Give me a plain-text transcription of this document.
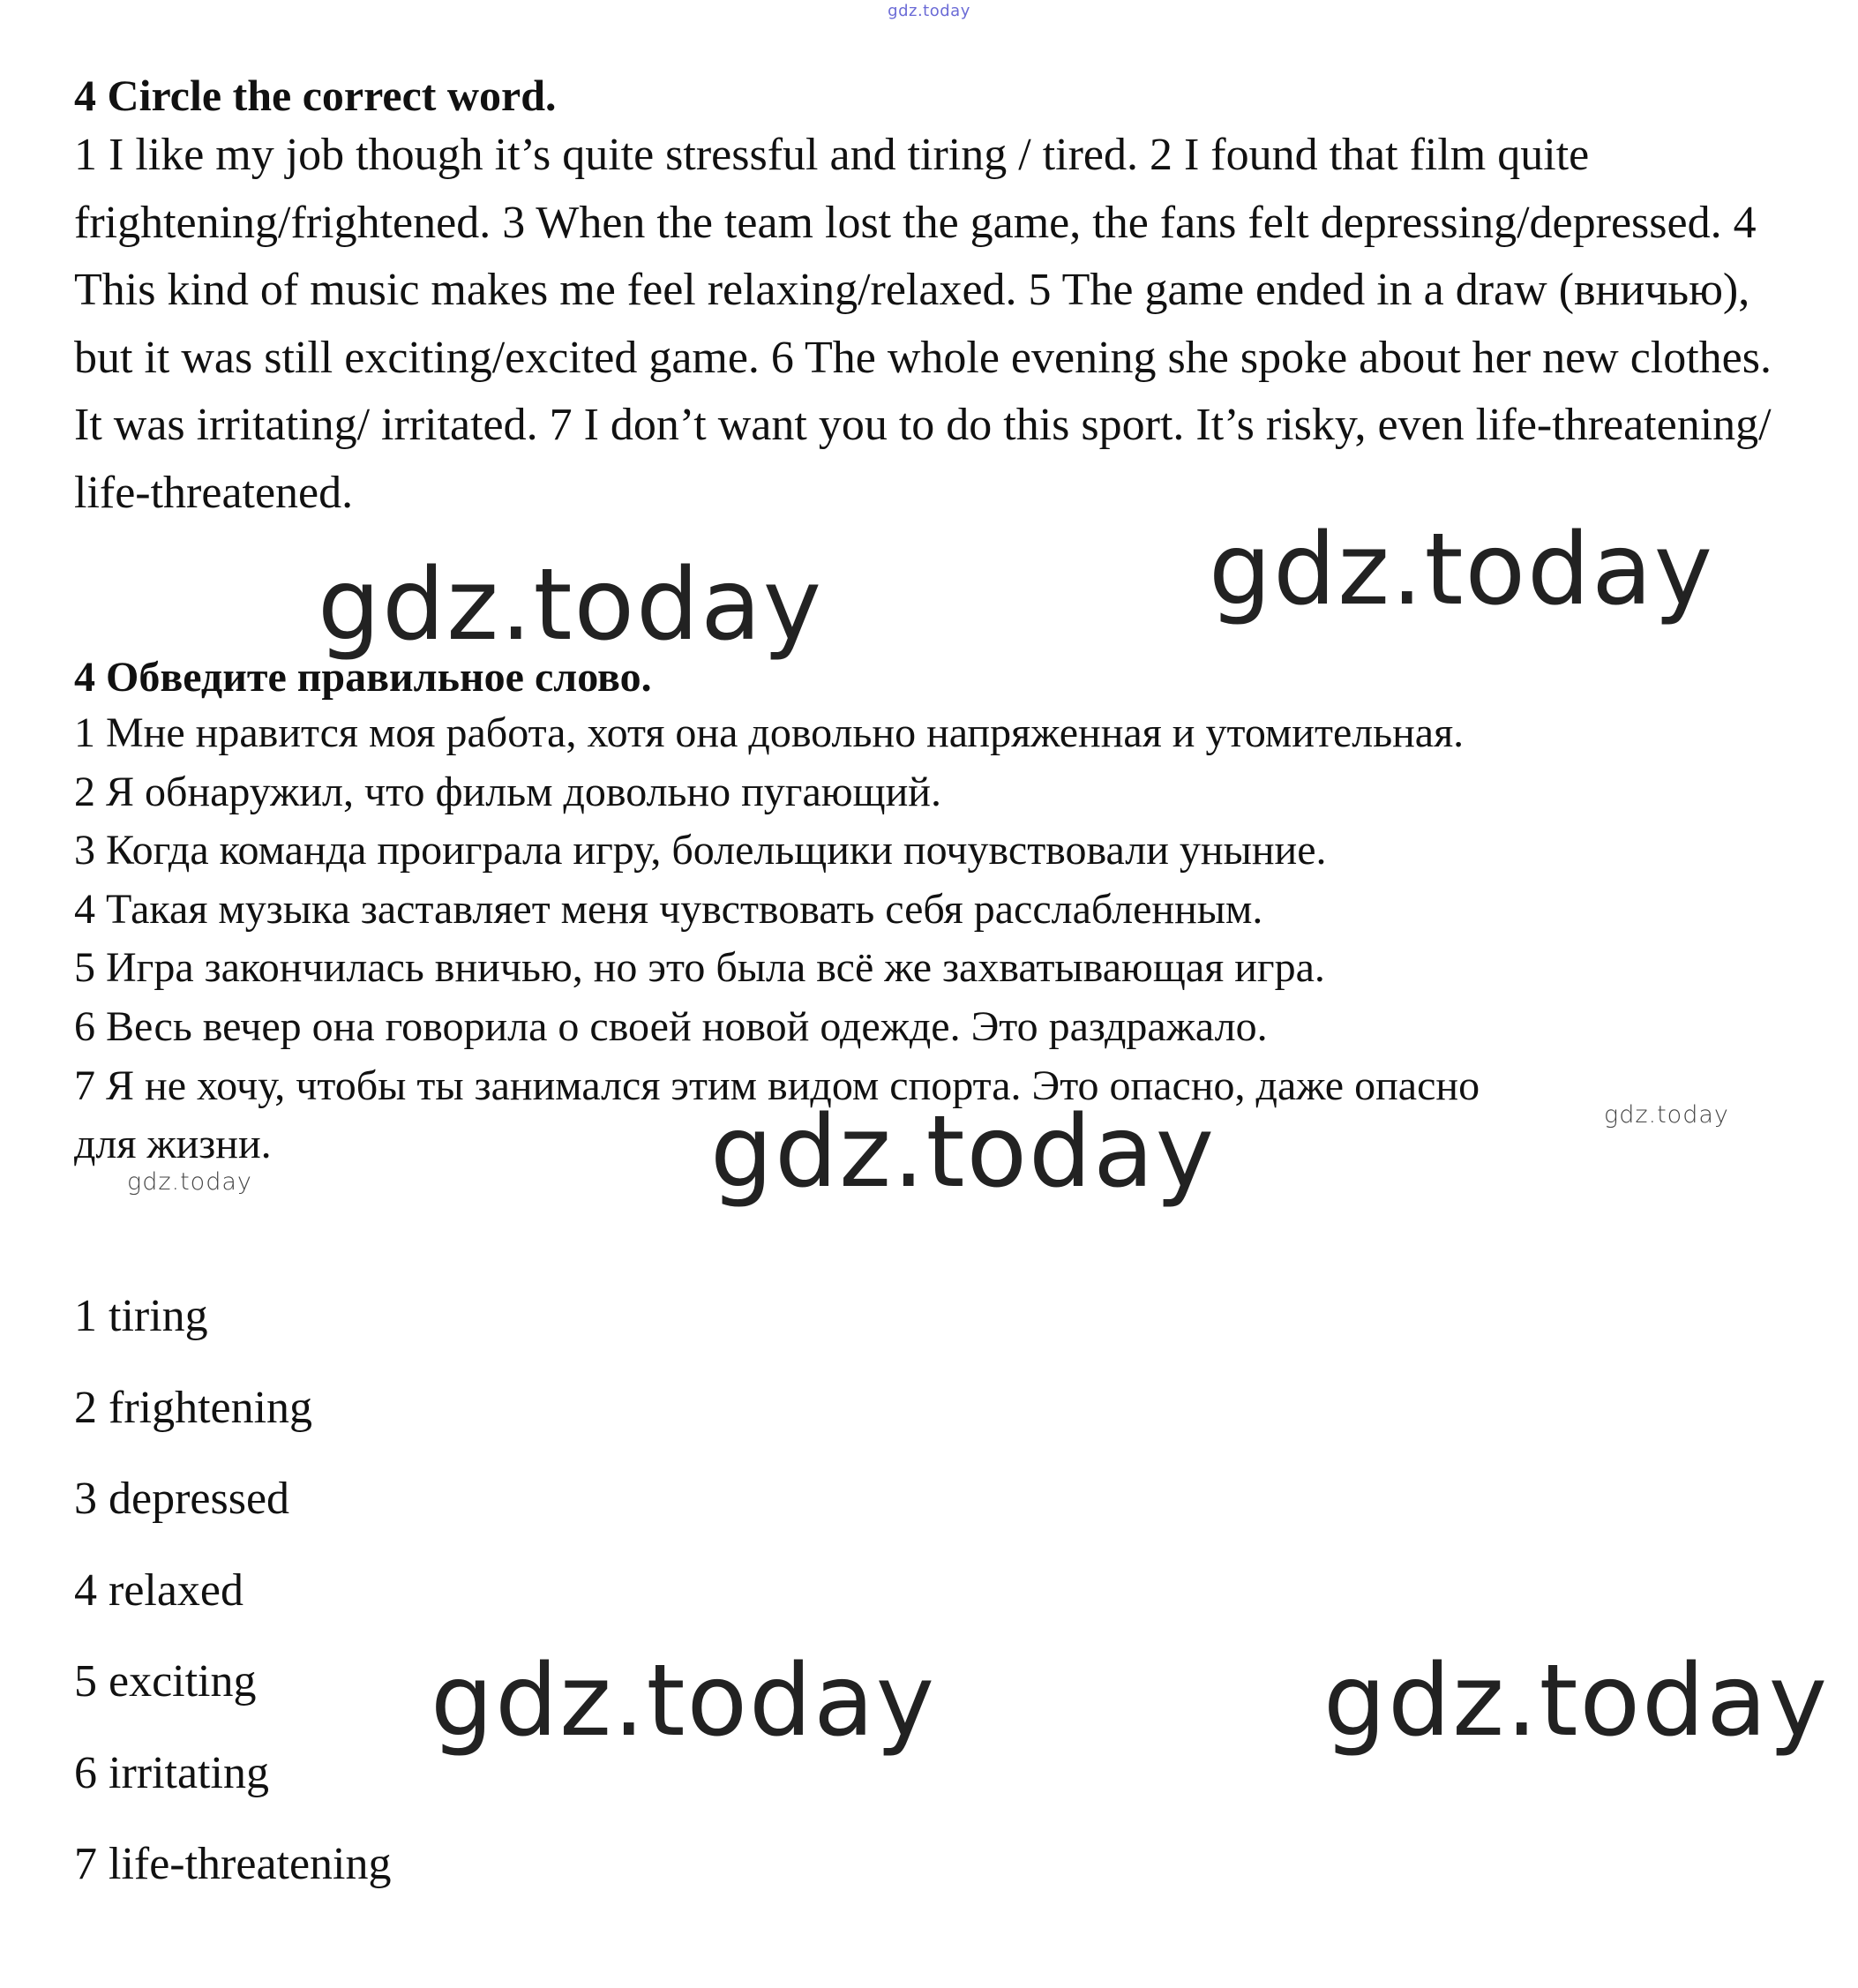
gdz.today
4 Circle the correct word.

1 I like my job though it’s quite stressful and tiring / tired. 2 I found that film quite frightening/frightened. 3 When the team lost the game, the fans felt depressing/depressed. 4 This kind of music makes me feel relaxing/relaxed. 5 The game ended in a draw (вничью), but it was still exciting/excited game. 6 The whole evening she spoke about her new clothes. It was irritating/ irritated. 7 I don’t want you to do this sport. It’s risky, even life-threatening/ life-threatened.

4 Обведите правильное слово.
1 Мне нравится моя работа, хотя она довольно напряженная и утомительная.
2 Я обнаружил, что фильм довольно пугающий.
3 Когда команда проиграла игру, болельщики почувствовали уныние.
4 Такая музыка заставляет меня чувствовать себя расслабленным.
5 Игра закончилась вничью, но это была всё же захватывающая игра.
6 Весь вечер она говорила о своей новой одежде. Это раздражало.
7 Я не хочу, чтобы ты занимался этим видом спорта. Это опасно, даже опасно
для жизни.
1 tiring
2 frightening
3 depressed
4 relaxed
5 exciting
6 irritating
7 life-threatening
gdz.today	gdz.today
gdz.today
gdz.today	gdz.today
gdz.today
gdz.today
